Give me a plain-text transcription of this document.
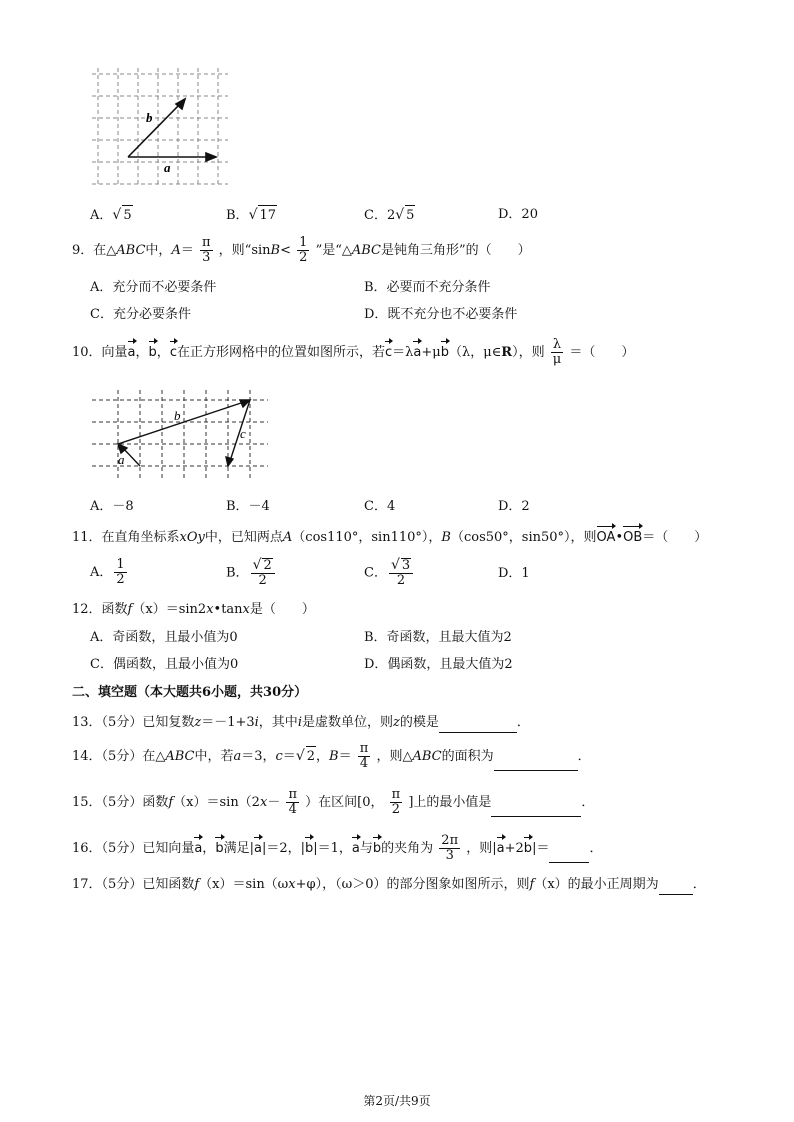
b
a
A．√ 5	B．√ 17	C．2√ 5	D．20
9．在△ABC中，$A= \frac{\pi}{3}$ ，则“$\sin B< \frac{1}{2}$ ”是“△ABC是钝角三角形”的（　　）
A．充分而不必要条件	B．必要而不充分条件
C．充分必要条件	D．既不充分也不必要条件
10．向量a，b，c在正方形网格中的位置如图所示，若c＝λa+μb（λ，μ∈R），则 $\frac{\lambda}{\mu}$ ＝（　　）
b
a
c
A．－8	B．－4	C．4	D．2
11．在直角坐标系xOy中，已知两点A（cos110°，sin110°），B（cos50°，sin50°），则OA•OB＝（　　）
A． $\frac{1}{2}$	B． $\frac{√ 2}{2}$	C． $\frac{√ 3}{2}$	D．1
12．函数f（x）＝sin2x•tanx是（　　）
A．奇函数，且最小值为0	B．奇函数，且最大值为2
C．偶函数，且最小值为0	D．偶函数，且最大值为2
二、填空题（本大题共6小题，共30分）
13．（5分）已知复数z＝－1+3i，其中i是虚数单位，则z的模是	．
14．（5分）在△ABC中，若a＝3，c＝√ 2，$B= \frac{\pi}{4}$ ，则△ABC的面积为	．
15．（5分）函数$f(x)=\sin(2x- \frac{\pi}{4}$ ）在区间[0， $\frac{\pi}{2}$ ]上的最小值是	．
16．（5分）已知向量a，b满足|a|＝2，|b|＝1，a与b的夹角为 $\frac{2\pi}{3}$ ，则|a+2b|＝	．
17．（5分）已知函数f（x）＝sin（ωx+φ），（ω＞0）的部分图象如图所示，则f（x）的最小正周期为	．
第2页/共9页
